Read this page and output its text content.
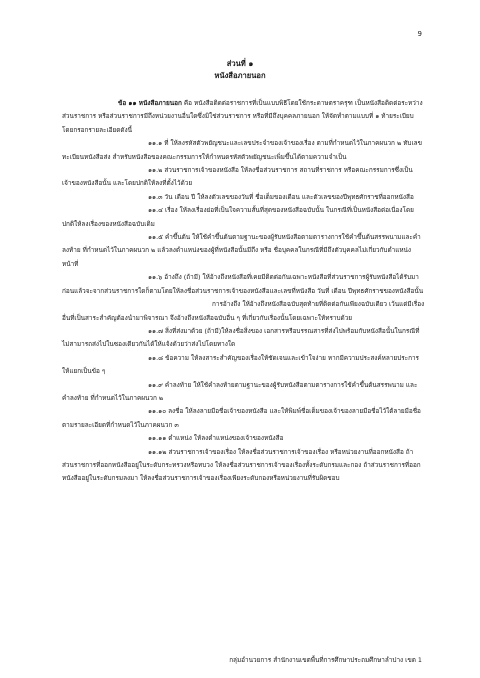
9
ส่วนที่ ๑
หนังสือภายนอก

ข้อ ๑๑ หนังสือภายนอก คือ หนังสือติดต่อราชการที่เป็นแบบพิธีโดยใช้กระดาษตราครุฑ เป็นหนังสือติดต่อระหว่างส่วนราชการ หรือส่วนราชการมีถึงหน่วยงานอื่นใดซึ่งมิใช่ส่วนราชการ หรือที่มีถึงบุคคลภายนอก ให้จัดทำตามแบบที่ ๑ ท้ายระเบียบ โดยกรอกรายละเอียดดังนี้

๑๑.๑ ที่ ให้ลงรหัสตัวพยัญชนะและเลขประจำของเจ้าของเรื่อง ตามที่กำหนดไว้ในภาคผนวก ๒ ทับเลขทะเบียนหนังสือส่ง สำหรับหนังสือของคณะกรรมการให้กำหนดรหัสตัวพยัญชนะเพิ่มขึ้นได้ตามความจำเป็น

๑๑.๒ ส่วนราชการเจ้าของหนังสือ ให้ลงชื่อส่วนราชการ สถานที่ราชการ หรือคณะกรรมการซึ่งเป็นเจ้าของหนังสือนั้น และโดยปกติให้ลงที่ตั้งไว้ด้วย

๑๑.๓ วัน เดือน ปี ให้ลงตัวเลขของวันที่ ชื่อเต็มของเดือน และตัวเลขของปีพุทธศักราชที่ออกหนังสือ

๑๑.๔ เรื่อง ให้ลงเรื่องย่อที่เป็นใจความสั้นที่สุดของหนังสือฉบับนั้น ในกรณีที่เป็นหนังสือต่อเนื่องโดยปกติให้ลงเรื่องของหนังสือฉบับเดิม

๑๑.๕ คำขึ้นต้น ให้ใช้คำขึ้นต้นตามฐานะของผู้รับหนังสือตามตารางการใช้คำขึ้นต้นสรรพนามและคำลงท้าย ที่กำหนดไว้ในภาคผนวก ๒ แล้วลงตำแหน่งของผู้ที่หนังสือนั้นมีถึง หรือ ชื่อบุคคลในกรณีที่มีถึงตัวบุคคลไม่เกี่ยวกับตำแหน่งหน้าที่

๑๑.๖ อ้างถึง (ถ้ามี) ให้อ้างถึงหนังสือที่เคยมีติดต่อกันเฉพาะหนังสือที่ส่วนราชการผู้รับหนังสือได้รับมาก่อนแล้วจะจากส่วนราชการใดก็ตามโดยให้ลงชื่อส่วนราชการเจ้าของหนังสือและเลขที่หนังสือ วันที่ เดือน ปีพุทธศักราชของหนังสือนั้น

การอ้างถึง ให้อ้างถึงหนังสือฉบับสุดท้ายที่ติดต่อกันเพียงฉบับเดียว เว้นแต่มีเรื่องอื่นที่เป็นสาระสำคัญต้องนำมาพิจารณา จึงอ้างถึงหนังสือฉบับอื่น ๆ ที่เกี่ยวกับเรื่องนั้นโดยเฉพาะให้ทราบด้วย

๑๑.๗ สิ่งที่ส่งมาด้วย (ถ้ามี)ให้ลงชื่อสิ่งของ เอกสารหรือบรรณสารที่ส่งไปพร้อมกับหนังสือนั้นในกรณีที่ไม่สามารถส่งไปในซองเดียวกันได้ให้แจ้งด้วยว่าส่งไปโดยทางใด

๑๑.๘ ข้อความ ให้ลงสาระสำคัญของเรื่องให้ชัดเจนและเข้าใจง่าย หากมีความประสงค์หลายประการให้แยกเป็นข้อ ๆ

๑๑.๙ คำลงท้าย ให้ใช้คำลงท้ายตามฐานะของผู้รับหนังสือตามตารางการใช้คำขึ้นต้นสรรพนาม และคำลงท้าย ที่กำหนดไว้ในภาคผนวก ๒

๑๑.๑๐ ลงชื่อ ให้ลงลายมือชื่อเจ้าของหนังสือ และให้พิมพ์ชื่อเต็มของเจ้าของลายมือชื่อไว้ใต้ลายมือชื่อ ตามรายละเอียดที่กำหนดไว้ในภาคผนวก ๓

๑๑.๑๑ ตำแหน่ง ให้ลงตำแหน่งของเจ้าของหนังสือ

๑๑.๑๒ ส่วนราชการเจ้าของเรื่อง ให้ลงชื่อส่วนราชการเจ้าของเรื่อง หรือหน่วยงานที่ออกหนังสือ ถ้าส่วนราชการที่ออกหนังสืออยู่ในระดับกระทรวงหรือทบวง ให้ลงชื่อส่วนราชการเจ้าของเรื่องทั้งระดับกรมและกอง ถ้าส่วนราชการที่ออกหนังสืออยู่ในระดับกรมลงมา ให้ลงชื่อส่วนราชการเจ้าของเรื่องเพียงระดับกองหรือหน่วยงานที่รับผิดชอบ

กลุ่มอำนวยการ สำนักงานเขตพื้นที่การศึกษาประถมศึกษาลำปาง เขต 1
